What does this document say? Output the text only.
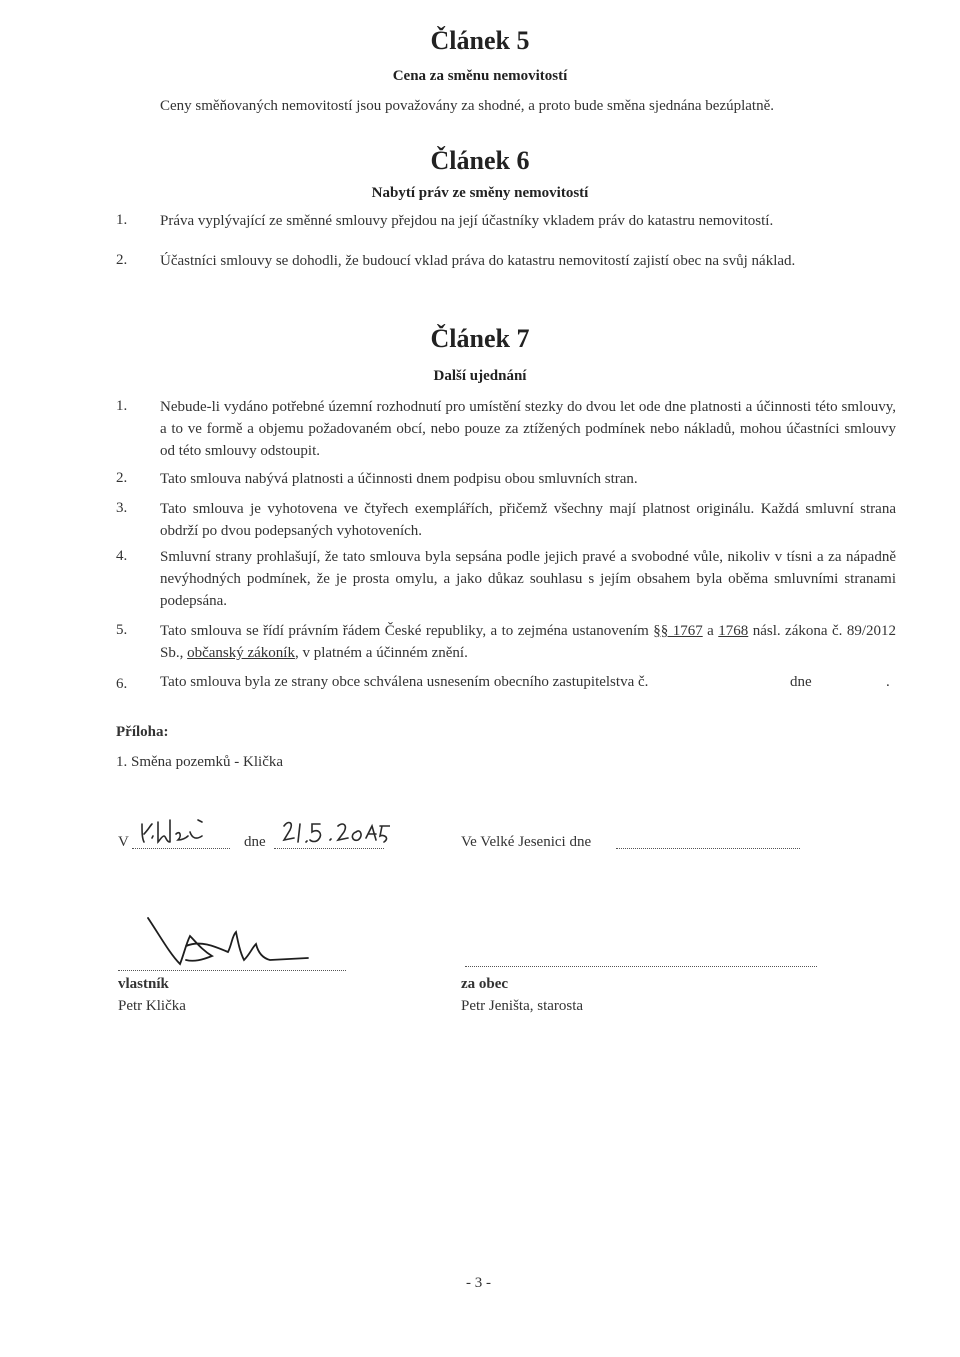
Článek 5
Cena za směnu nemovitostí
Ceny směňovaných nemovitostí jsou považovány za shodné, a proto bude směna sjednána bezúplatně.
Článek 6
Nabytí práv ze směny nemovitostí
1. Práva vyplývající ze směnné smlouvy přejdou na její účastníky vkladem práv do katastru nemovitostí.
2. Účastníci smlouvy se dohodli, že budoucí vklad práva do katastru nemovitostí zajistí obec na svůj náklad.
Článek 7
Další ujednání
1. Nebude-li vydáno potřebné územní rozhodnutí pro umístění stezky do dvou let ode dne platnosti a účinnosti této smlouvy, a to ve formě a objemu požadovaném obcí, nebo pouze za ztížených podmínek nebo nákladů, mohou účastníci smlouvy od této smlouvy odstoupit.
2. Tato smlouva nabývá platnosti a účinnosti dnem podpisu obou smluvních stran.
3. Tato smlouva je vyhotovena ve čtyřech exemplářích, přičemž všechny mají platnost originálu. Každá smluvní strana obdrží po dvou podepsaných vyhotoveních.
4. Smluvní strany prohlašují, že tato smlouva byla sepsána podle jejich pravé a svobodné vůle, nikoliv v tísni a za nápadně nevýhodných podmínek, že je prosta omylu, a jako důkaz souhlasu s jejím obsahem byla oběma smluvními stranami podepsána.
5. Tato smlouva se řídí právním řádem České republiky, a to zejména ustanovením §§ 1767 a 1768 násl. zákona č. 89/2012 Sb., občanský zákoník, v platném a účinném znění.
6. Tato smlouva byla ze strany obce schválena usnesením obecního zastupitelstva č.	dne	.
Příloha:
1. Směna pozemků - Klička
V	dne	Ve Velké Jesenici dne
vlastník
Petr Klička
za obec
Petr Jeništa, starosta
- 3 -
